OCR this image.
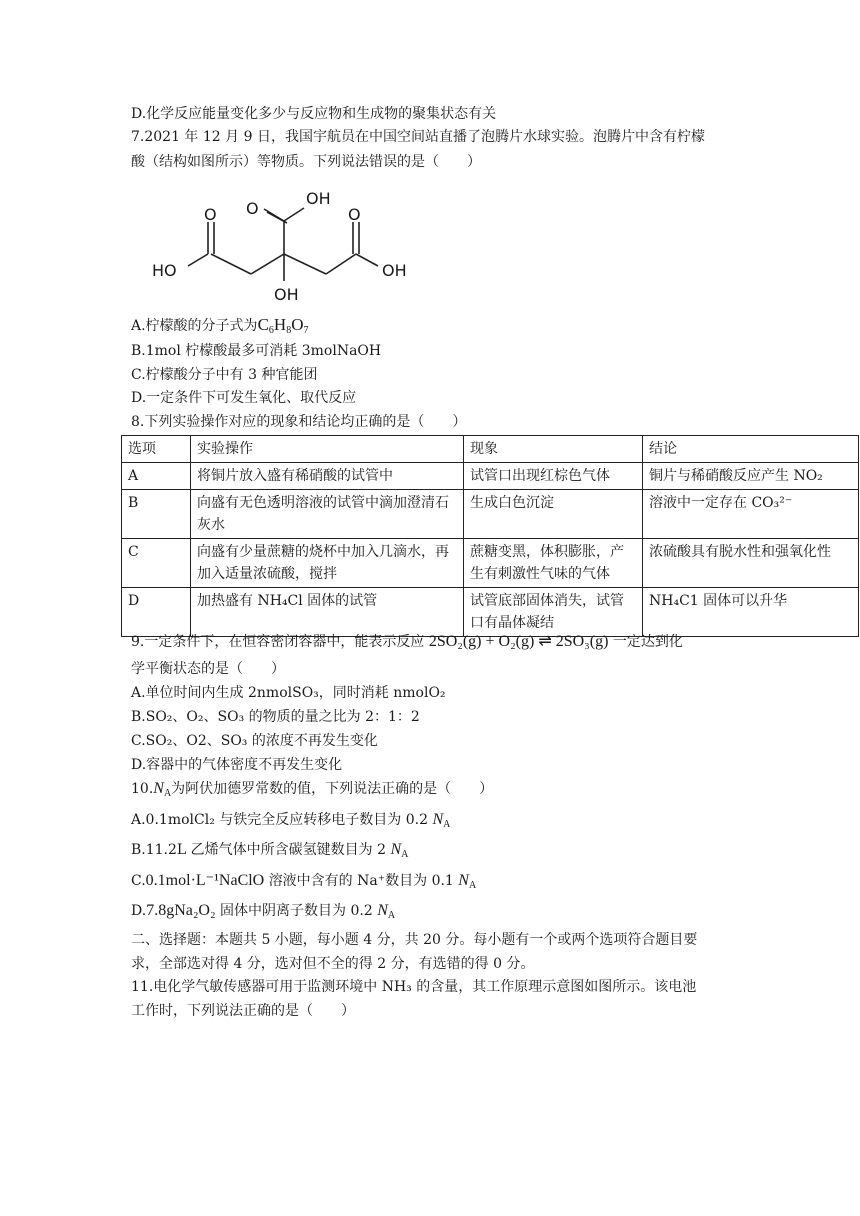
D.化学反应能量变化多少与反应物和生成物的聚集状态有关
7.2021 年 12 月 9 日，我国宇航员在中国空间站直播了泡腾片水球实验。泡腾片中含有柠檬
酸（结构如图所示）等物质。下列说法错误的是（　　）
OH
O O	O
HO	OH
OH
A.柠檬酸的分子式为$C_6H_8O_7$
B.1mol 柠檬酸最多可消耗 3molNaOH
C.柠檬酸分子中有 3 种官能团
D.一定条件下可发生氧化、取代反应
8.下列实验操作对应的现象和结论均正确的是（　　）
选项	实验操作	现象	结论
A	将铜片放入盛有稀硝酸的试管中	试管口出现红棕色气体	铜片与稀硝酸反应产生 NO₂
B	向盛有无色透明溶液的试管中滴加澄清石灰水	生成白色沉淀	溶液中一定存在 CO₃²⁻
C	向盛有少量蔗糖的烧杯中加入几滴水，再加入适量浓硫酸，搅拌	蔗糖变黑，体积膨胀，产生有刺激性气味的气体	浓硫酸具有脱水性和强氧化性
D	加热盛有 NH₄Cl 固体的试管	试管底部固体消失，试管口有晶体凝结	NH₄C1 固体可以升华
9.一定条件下，在恒容密闭容器中，能表示反应 2SO₂(g) + O₂(g) ⇌ 2SO₃(g) 一定达到化
学平衡状态的是（　　）
A.单位时间内生成 2nmolSO₃，同时消耗 nmolO₂
B.SO₂、O₂、SO₃ 的物质的量之比为 2：1：2
C.SO₂、O2、SO₃ 的浓度不再发生变化
D.容器中的气体密度不再发生变化
$10.N_A$为阿伏加德罗常数的值，下列说法正确的是（　　）
A.0.1molCl₂ 与铁完全反应转移电子数目为 0.2 $N_A$
B.11.2L 乙烯气体中所含碳氢键数目为 2 $N_A$
C.0.1mol·L⁻¹NaClO 溶液中含有的 Na⁺数目为 0.1 $N_A$
D.7.8gNa₂O₂ 固体中阴离子数目为 0.2 $N_A$
二、选择题：本题共 5 小题，每小题 4 分，共 20 分。每小题有一个或两个选项符合题目要
求，全部选对得 4 分，选对但不全的得 2 分，有选错的得 0 分。
11.电化学气敏传感器可用于监测环境中 NH₃ 的含量，其工作原理示意图如图所示。该电池
工作时，下列说法正确的是（　　）
